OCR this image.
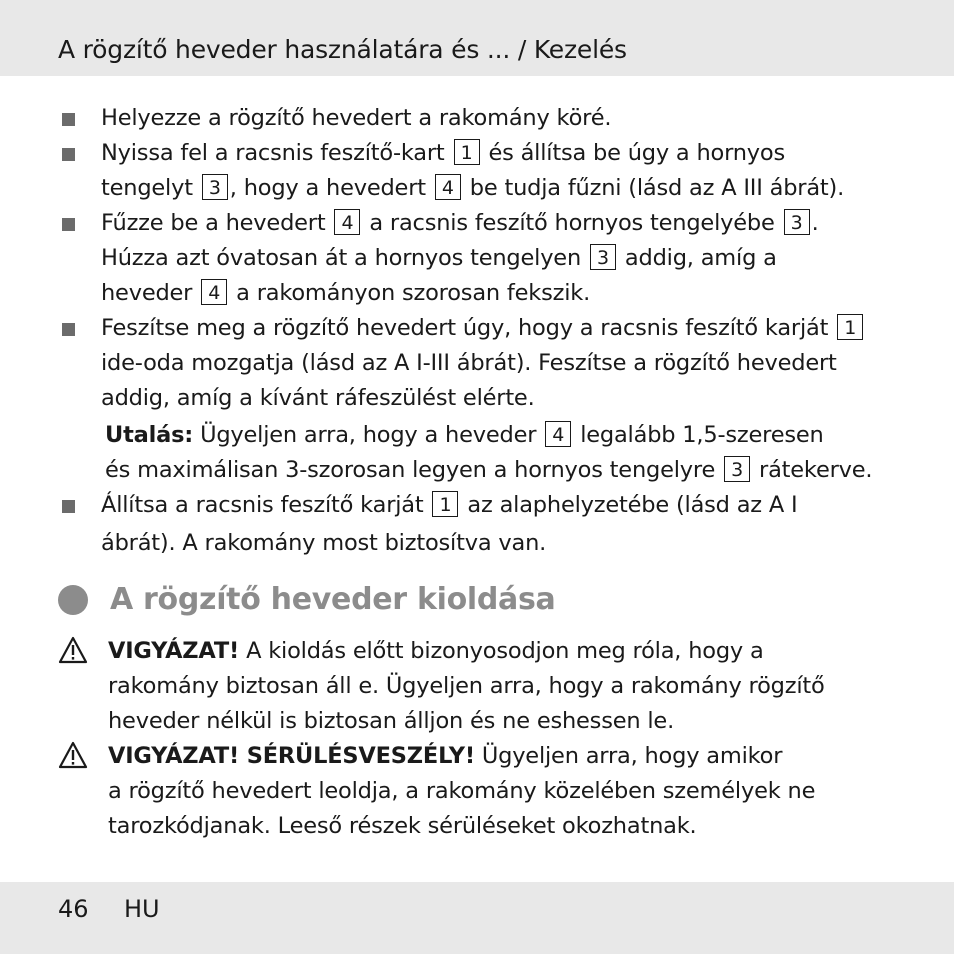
A rögzítő heveder használatára és ... / Kezelés
Helyezze a rögzítő hevedert a rakomány köré.
Nyissa fel a racsnis feszítő-kart 1 és állítsa be úgy a hornyos
tengelyt 3 , hogy a hevedert 4 be tudja fűzni (lásd az A III ábrát).
Fűzze be a hevedert 4 a racsnis feszítő hornyos tengelyébe 3 .
Húzza azt óvatosan át a hornyos tengelyen 3 addig, amíg a
heveder 4 a rakományon szorosan fekszik.
Feszítse meg a rögzítő hevedert úgy, hogy a racsnis feszítő karját 1
ide-oda mozgatja (lásd az A I-III ábrát). Feszítse a rögzítő hevedert
addig, amíg a kívánt ráfeszülést elérte.
Utalás: Ügyeljen arra, hogy a heveder 4 legalább 1,5-szeresen
és maximálisan 3-szorosan legyen a hornyos tengelyre 3 rátekerve.
Állítsa a racsnis feszítő karját 1 az alaphelyzetébe (lásd az A I
ábrát). A rakomány most biztosítva van.
A rögzítő heveder kioldása
VIGYÁZAT! A kioldás előtt bizonyosodjon meg róla, hogy a
rakomány biztosan áll e. Ügyeljen arra, hogy a rakomány rögzítő
heveder nélkül is biztosan álljon és ne eshessen le.
VIGYÁZAT! SÉRÜLÉSVESZÉLY! Ügyeljen arra, hogy amikor
a rögzítő hevedert leoldja, a rakomány közelében személyek ne
tarozkódjanak. Leeső részek sérüléseket okozhatnak.
46 HU
